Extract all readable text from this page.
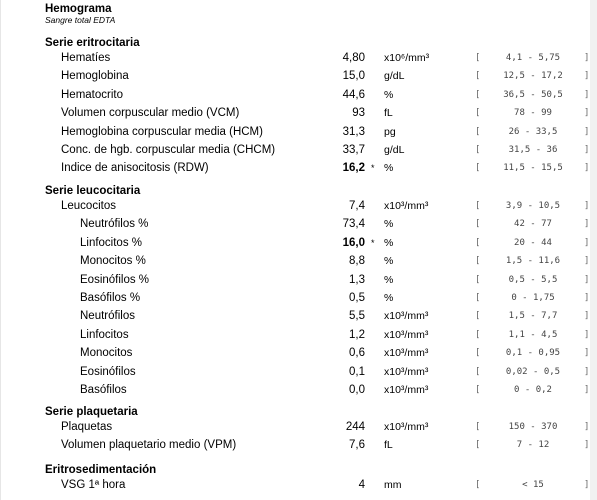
Hemograma
Sangre total EDTA
Serie eritrocitaria
Hematíes	4,80 x10⁶/mm³	[	4,1 - 5,75	]
Hemoglobina	15,0 g/dL	[	12,5 - 17,2	]
Hematocrito	44,6 %	[	36,5 - 50,5	]
Volumen corpuscular medio (VCM)	93 fL	[	78 - 99	]
Hemoglobina corpuscular media (HCM)	31,3 pg	[	26 - 33,5	]
Conc. de hgb. corpuscular media (CHCM)	33,7 g/dL	[	31,5 - 36	]
Indice de anisocitosis (RDW)	16,2 * %	[	11,5 - 15,5	]
Serie leucocitaria
Leucocitos	7,4 x10³/mm³	[	3,9 - 10,5	]
Neutrófilos %	73,4 %	[	42 - 77	]
Linfocitos %	16,0 * %	[	20 - 44	]
Monocitos %	8,8 %	[	1,5 - 11,6	]
Eosinófilos %	1,3 %	[	0,5 - 5,5	]
Basófilos %	0,5 %	[	0 - 1,75	]
Neutrófilos	5,5 x10³/mm³	[	1,5 - 7,7	]
Linfocitos	1,2 x10³/mm³	[	1,1 - 4,5	]
Monocitos	0,6 x10³/mm³	[	0,1 - 0,95	]
Eosinófilos	0,1 x10³/mm³	[	0,02 - 0,5	]
Basófilos	0,0 x10³/mm³	[	0 - 0,2	]
Serie plaquetaria
Plaquetas	244 x10³/mm³	[	150 - 370	]
Volumen plaquetario medio (VPM)	7,6 fL	[	7 - 12	]
Eritrosedimentación
VSG 1ª hora	4 mm	[	< 15	]
